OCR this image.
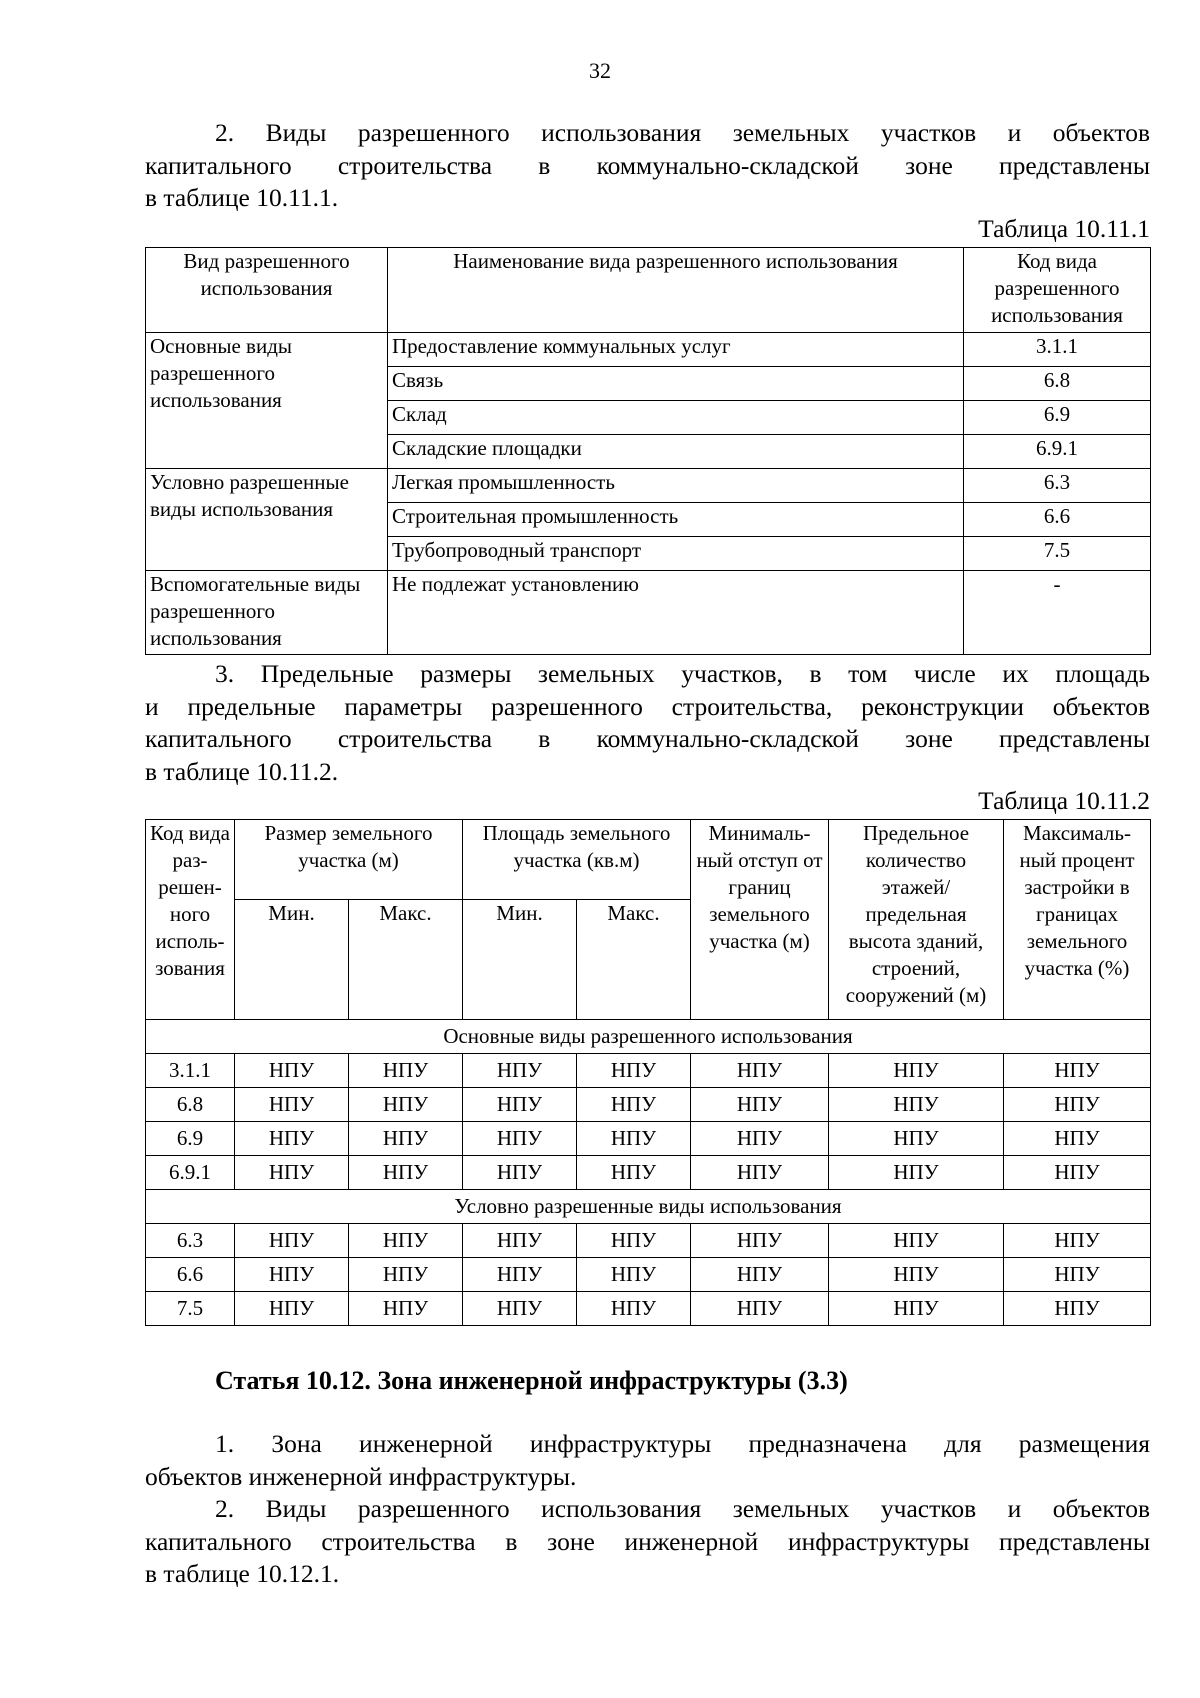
32

2. Виды разрешенного использования земельных участков и объектов
капитального строительства в коммунально-складской зоне представлены
в таблице 10.11.1.

Таблица 10.11.1
Вид разрешенного использования	Наименование вида разрешенного использования	Код вида разрешенного использования
Основные виды разрешенного использования	Предоставление коммунальных услуг	3.1.1
	Связь	6.8
	Склад	6.9
	Складские площадки	6.9.1
Условно разрешенные виды использования	Легкая промышленность	6.3
	Строительная промышленность	6.6
	Трубопроводный транспорт	7.5
Вспомогательные виды разрешенного использования	Не подлежат установлению	-

3. Предельные размеры земельных участков, в том числе их площадь
и предельные параметры разрешенного строительства, реконструкции объектов
капитального строительства в коммунально-складской зоне представлены
в таблице 10.11.2.

Таблица 10.11.2
Код вида раз-решен-ного исполь-зования	Размер земельного участка (м)		Площадь земельного участка (кв.м)		Минималь-ный отступ от границ земельного участка (м)	Предельное количество этажей/ предельная высота зданий, строений, сооружений (м)	Максималь-ный процент застройки в границах земельного участка (%)
	Мин.	Макс.	Мин.	Макс.			
Основные виды разрешенного использования							
3.1.1	НПУ	НПУ	НПУ	НПУ	НПУ	НПУ	НПУ
6.8	НПУ	НПУ	НПУ	НПУ	НПУ	НПУ	НПУ
6.9	НПУ	НПУ	НПУ	НПУ	НПУ	НПУ	НПУ
6.9.1	НПУ	НПУ	НПУ	НПУ	НПУ	НПУ	НПУ
Условно разрешенные виды использования							
6.3	НПУ	НПУ	НПУ	НПУ	НПУ	НПУ	НПУ
6.6	НПУ	НПУ	НПУ	НПУ	НПУ	НПУ	НПУ
7.5	НПУ	НПУ	НПУ	НПУ	НПУ	НПУ	НПУ
Статья 10.12. Зона инженерной инфраструктуры (3.3)

1. Зона инженерной инфраструктуры предназначена для размещения
объектов инженерной инфраструктуры.

2. Виды разрешенного использования земельных участков и объектов
капитального строительства в зоне инженерной инфраструктуры представлены
в таблице 10.12.1.
